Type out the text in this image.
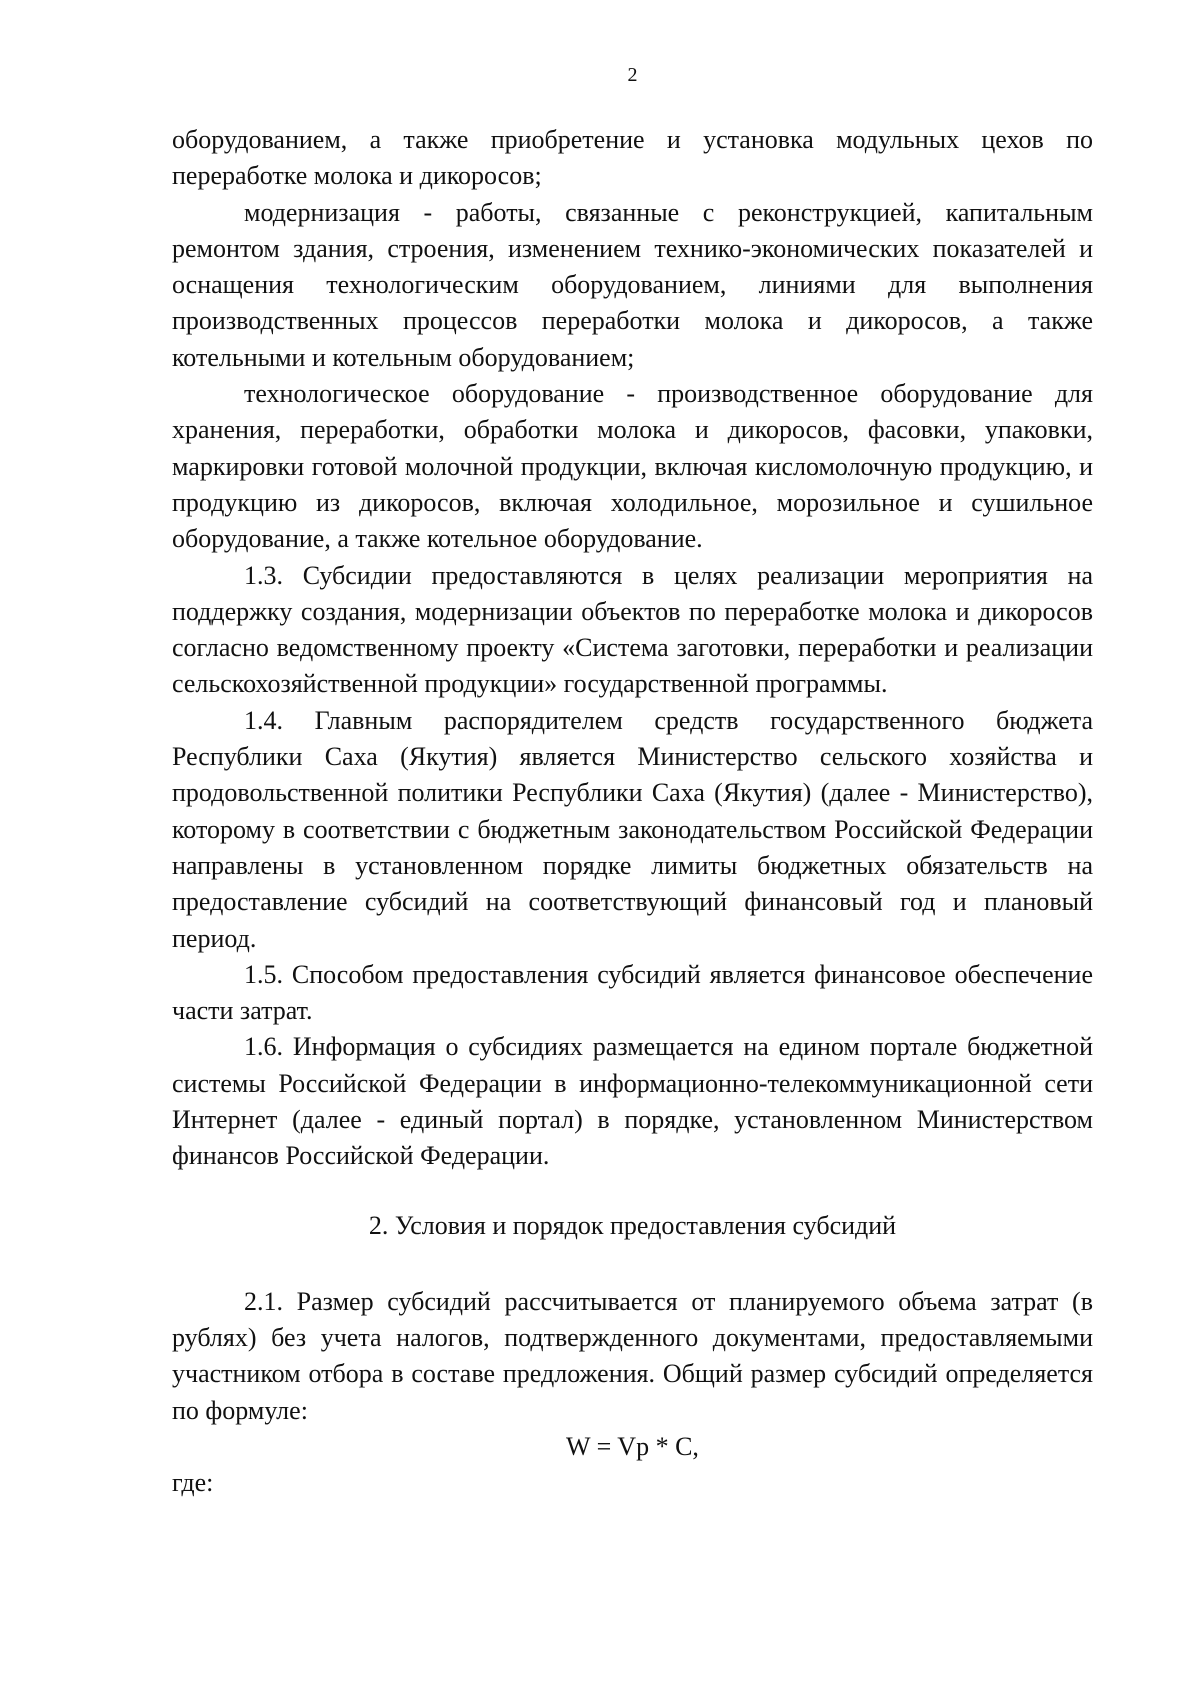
2

оборудованием, а также приобретение и установка модульных цехов по переработке молока и дикоросов;

модернизация - работы, связанные с реконструкцией, капитальным ремонтом здания, строения, изменением технико-экономических показателей и оснащения технологическим оборудованием, линиями для выполнения производственных процессов переработки молока и дикоросов, а также котельными и котельным оборудованием;

технологическое оборудование - производственное оборудование для хранения, переработки, обработки молока и дикоросов, фасовки, упаковки, маркировки готовой молочной продукции, включая кисломолочную продукцию, и продукцию из дикоросов, включая холодильное, морозильное и сушильное оборудование, а также котельное оборудование.

1.3. Субсидии предоставляются в целях реализации мероприятия на поддержку создания, модернизации объектов по переработке молока и дикоросов согласно ведомственному проекту «Система заготовки, переработки и реализации сельскохозяйственной продукции» государственной программы.

1.4. Главным распорядителем средств государственного бюджета Республики Саха (Якутия) является Министерство сельского хозяйства и продовольственной политики Республики Саха (Якутия) (далее - Министерство), которому в соответствии с бюджетным законодательством Российской Федерации направлены в установленном порядке лимиты бюджетных обязательств на предоставление субсидий на соответствующий финансовый год и плановый период.

1.5. Способом предоставления субсидий является финансовое обеспечение части затрат.

1.6. Информация о субсидиях размещается на едином портале бюджетной системы Российской Федерации в информационно-телекоммуникационной сети Интернет (далее - единый портал) в порядке, установленном Министерством финансов Российской Федерации.

2. Условия и порядок предоставления субсидий

2.1. Размер субсидий рассчитывается от планируемого объема затрат (в рублях) без учета налогов, подтвержденного документами, предоставляемыми участником отбора в составе предложения. Общий размер субсидий определяется по формуле:

W = Vp * C,
где:
